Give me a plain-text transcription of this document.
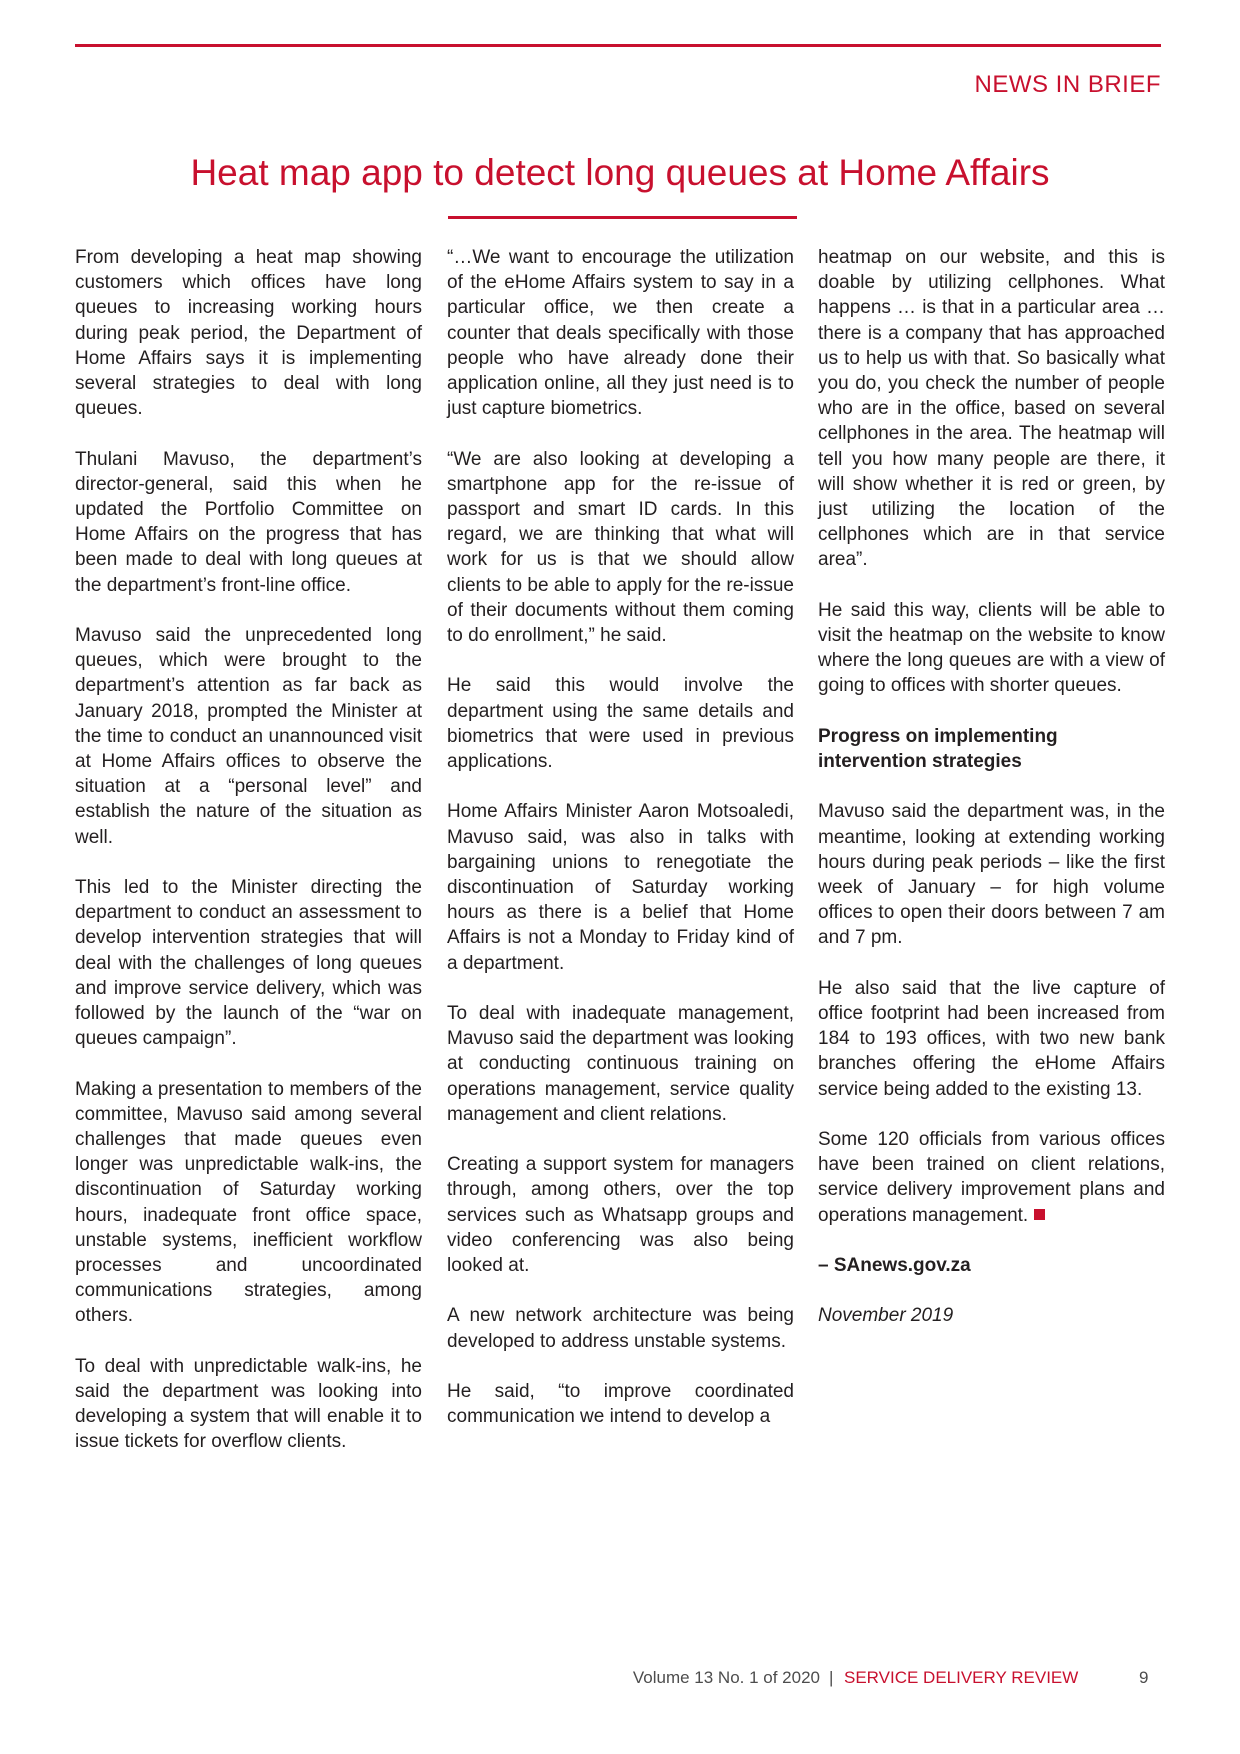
NEWS IN BRIEF
Heat map app to detect long queues at Home Affairs

From developing a heat map showing customers which offices have long queues to increasing working hours during peak period, the Department of Home Affairs says it is implementing several strategies to deal with long queues.

Thulani Mavuso, the department’s director-general, said this when he updated the Portfolio Committee on Home Affairs on the progress that has been made to deal with long queues at the department’s front-line office.

Mavuso said the unprecedented long queues, which were brought to the department’s attention as far back as January 2018, prompted the Minister at the time to conduct an unannounced visit at Home Affairs offices to observe the situation at a “personal level” and establish the nature of the situation as well.

This led to the Minister directing the department to conduct an assessment to develop intervention strategies that will deal with the challenges of long queues and improve service delivery, which was followed by the launch of the “war on queues campaign”.

Making a presentation to members of the committee, Mavuso said among several challenges that made queues even longer was unpredictable walk-ins, the discontinuation of Saturday working hours, inadequate front office space, unstable systems, inefficient workflow processes and uncoordinated communications strategies, among others.

To deal with unpredictable walk-ins, he said the department was looking into developing a system that will enable it to issue tickets for overflow clients.

“…We want to encourage the utilization of the eHome Affairs system to say in a particular office, we then create a counter that deals specifically with those people who have already done their application online, all they just need is to just capture biometrics.

“We are also looking at developing a smartphone app for the re-issue of passport and smart ID cards. In this regard, we are thinking that what will work for us is that we should allow clients to be able to apply for the re-issue of their documents without them coming to do enrollment,” he said.

He said this would involve the department using the same details and biometrics that were used in previous applications.

Home Affairs Minister Aaron Motsoaledi, Mavuso said, was also in talks with bargaining unions to renegotiate the discontinuation of Saturday working hours as there is a belief that Home Affairs is not a Monday to Friday kind of a department.

To deal with inadequate management, Mavuso said the department was looking at conducting continuous training on operations management, service quality management and client relations.

Creating a support system for managers through, among others, over the top services such as Whatsapp groups and video conferencing was also being looked at.

A new network architecture was being developed to address unstable systems.

He said, “to improve coordinated communication we intend to develop a

heatmap on our website, and this is doable by utilizing cellphones. What happens … is that in a particular area … there is a company that has approached us to help us with that. So basically what you do, you check the number of people who are in the office, based on several cellphones in the area. The heatmap will tell you how many people are there, it will show whether it is red or green, by just utilizing the location of the cellphones which are in that service area”.

He said this way, clients will be able to visit the heatmap on the website to know where the long queues are with a view of going to offices with shorter queues.

Progress on implementing intervention strategies

Mavuso said the department was, in the meantime, looking at extending working hours during peak periods – like the first week of January – for high volume offices to open their doors between 7 am and 7 pm.

He also said that the live capture of office footprint had been increased from 184 to 193 offices, with two new bank branches offering the eHome Affairs service being added to the existing 13.

Some 120 officials from various offices have been trained on client relations, service delivery improvement plans and operations management.

– SAnews.gov.za

November 2019

Volume 13 No. 1 of 2020 | SERVICE DELIVERY REVIEW	9
